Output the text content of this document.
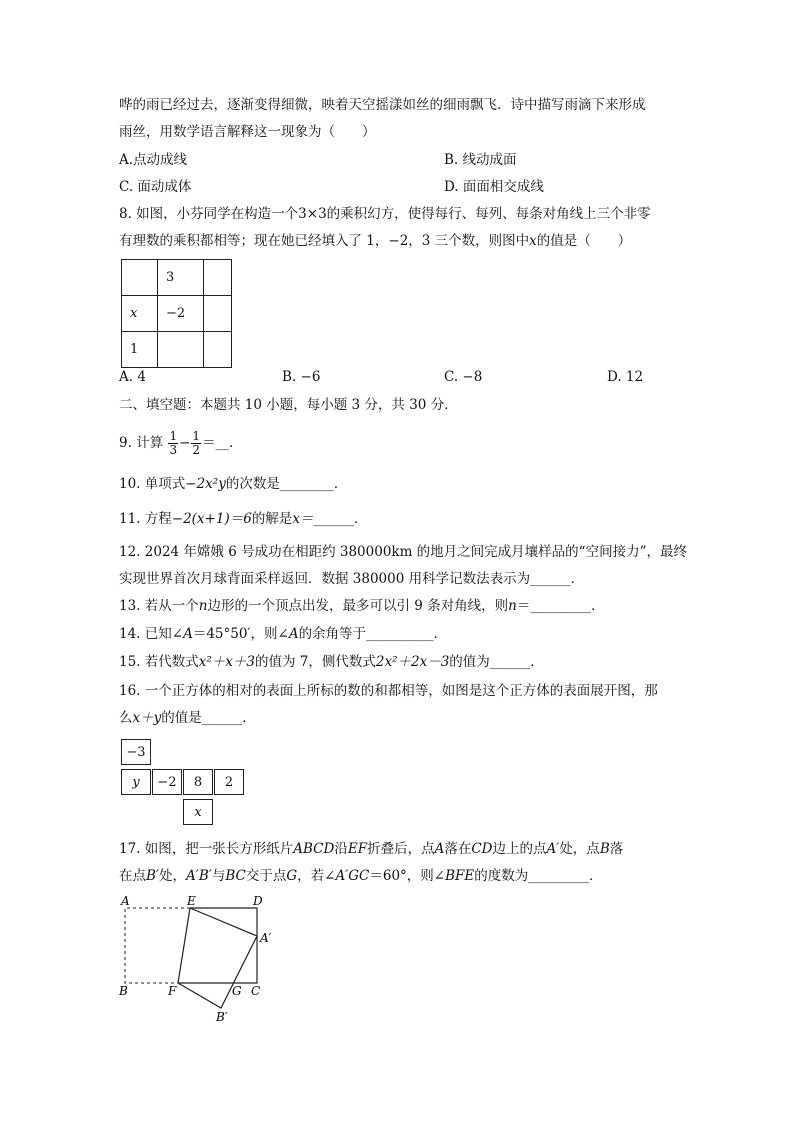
哗的雨已经过去，逐渐变得细微，映着天空摇漾如丝的细雨飘飞．诗中描写雨滴下来形成
雨丝，用数学语言解释这一现象为（　　）
A.点动成线	B. 线动成面
C. 面动成体	D. 面面相交成线
8. 如图，小芬同学在构造一个3×3的乘积幻方，使得每行、每列、每条对角线上三个非零
有理数的乘积都相等；现在她已经填入了 1，−2，3 三个数，则图中x的值是（　　）
	3	
x	−2	
1		
A. 4	B. −6	C. −8	D. 12
二、填空题：本题共 10 小题，每小题 3 分，共 30 分．
9. 计算 $\frac{1}{3} - \frac{1}{2}$ ＝__．
10. 单项式−2x²y的次数是________．
11. 方程−2(x+1)＝6的解是x＝______．
12. 2024 年嫦娥 6 号成功在相距约 380000km 的地月之间完成月壤样品的“空间接力”，最终
实现世界首次月球背面采样返回．数据 380000 用科学记数法表示为______．
13. 若从一个n边形的一个顶点出发，最多可以引 9 条对角线，则n＝_________．
14. 已知∠A＝45°50′，则∠A的余角等于__________．
15. 若代数式x²＋x＋3的值为 7，侧代数式2x²＋2x－3的值为______．
16. 一个正方体的相对的表面上所标的数的和都相等，如图是这个正方体的表面展开图，那
么x＋y的值是______．
−3
y	−2	8	2
x
17. 如图，把一张长方形纸片ABCD沿EF折叠后，点A落在CD边上的点A′处，点B落
在点B′处，A′B′与BC交于点G，若∠A′GC＝60°，则∠BFE的度数为_________．
A	E	D
A′
B	F	G C
B′
